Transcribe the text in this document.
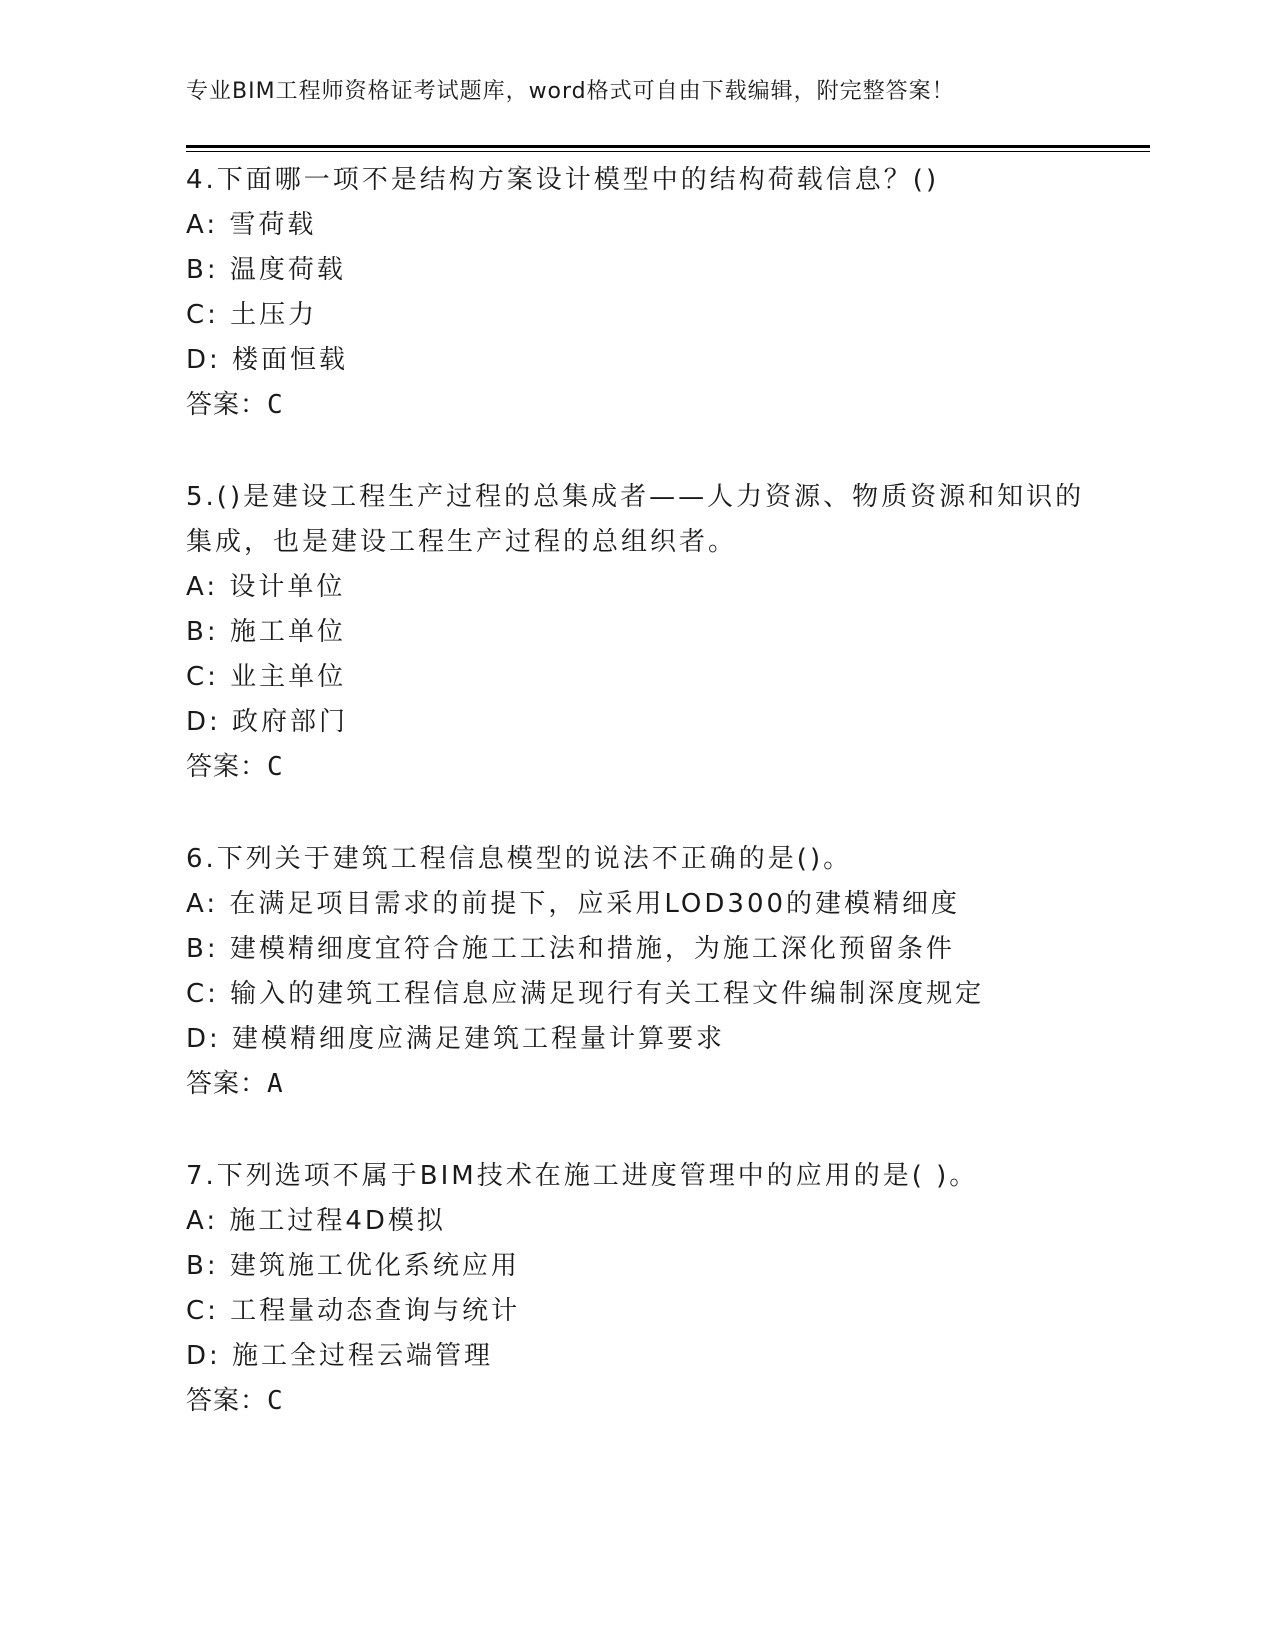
专业BIM工程师资格证考试题库，word格式可自由下载编辑，附完整答案！

4.下面哪一项不是结构方案设计模型中的结构荷载信息？()

A: 雪荷载
B: 温度荷载
C: 土压力
D: 楼面恒载
答案：C

5.()是建设工程生产过程的总集成者——人力资源、物质资源和知识的集成，也是建设工程生产过程的总组织者。

A: 设计单位
B: 施工单位
C: 业主单位
D: 政府部门
答案：C

6.下列关于建筑工程信息模型的说法不正确的是()。

A: 在满足项目需求的前提下，应采用LOD300的建模精细度
B: 建模精细度宜符合施工工法和措施，为施工深化预留条件
C: 输入的建筑工程信息应满足现行有关工程文件编制深度规定
D: 建模精细度应满足建筑工程量计算要求
答案：A

7.下列选项不属于BIM技术在施工进度管理中的应用的是( )。

A: 施工过程4D模拟
B: 建筑施工优化系统应用
C: 工程量动态查询与统计
D: 施工全过程云端管理
答案：C
